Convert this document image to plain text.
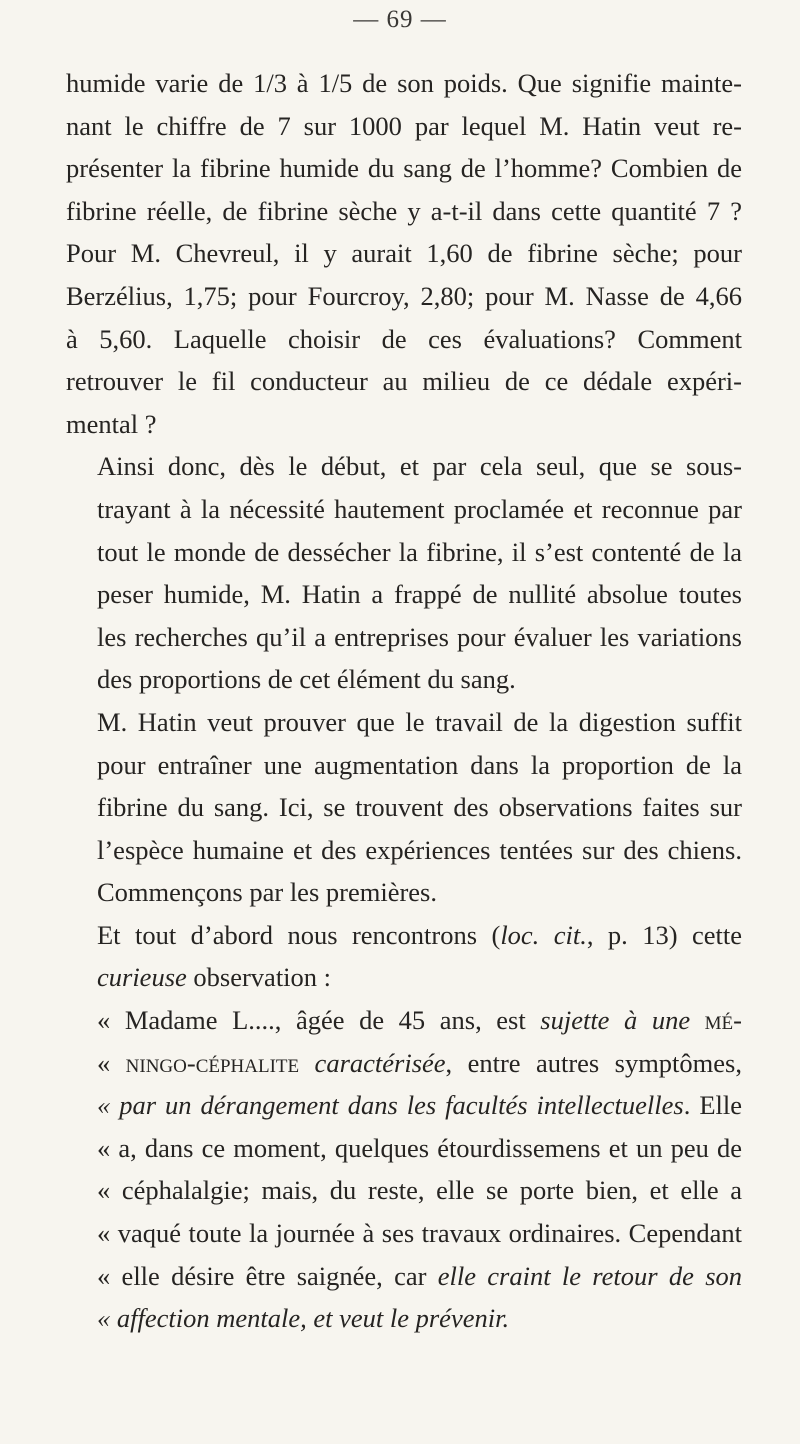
— 69 —

humide varie de 1/3 à 1/5 de son poids. Que signifie mainte-
nant le chiffre de 7 sur 1000 par lequel M. Hatin veut re-
présenter la fibrine humide du sang de l’homme? Combien de
fibrine réelle, de fibrine sèche y a-t-il dans cette quantité 7 ?
Pour M. Chevreul, il y aurait 1,60 de fibrine sèche; pour
Berzélius, 1,75; pour Fourcroy, 2,80; pour M. Nasse de 4,66
à 5,60. Laquelle choisir de ces évaluations? Comment
retrouver le fil conducteur au milieu de ce dédale expéri-
mental ?

Ainsi donc, dès le début, et par cela seul, que se sous-
trayant à la nécessité hautement proclamée et reconnue par
tout le monde de dessécher la fibrine, il s’est contenté de la
peser humide, M. Hatin a frappé de nullité absolue toutes
les recherches qu’il a entreprises pour évaluer les variations
des proportions de cet élément du sang.

M. Hatin veut prouver que le travail de la digestion suffit
pour entraîner une augmentation dans la proportion de la
fibrine du sang. Ici, se trouvent des observations faites sur
l’espèce humaine et des expériences tentées sur des chiens.
Commençons par les premières.

Et tout d’abord nous rencontrons (loc. cit., p. 13) cette
curieuse observation :

« Madame L...., âgée de 45 ans, est sujette à une mé-
« ningo-céphalite caractérisée, entre autres symptômes,
« par un dérangement dans les facultés intellectuelles. Elle
« a, dans ce moment, quelques étourdissemens et un peu de
« céphalalgie; mais, du reste, elle se porte bien, et elle a
« vaqué toute la journée à ses travaux ordinaires. Cependant
« elle désire être saignée, car elle craint le retour de son
« affection mentale, et veut le prévenir.
